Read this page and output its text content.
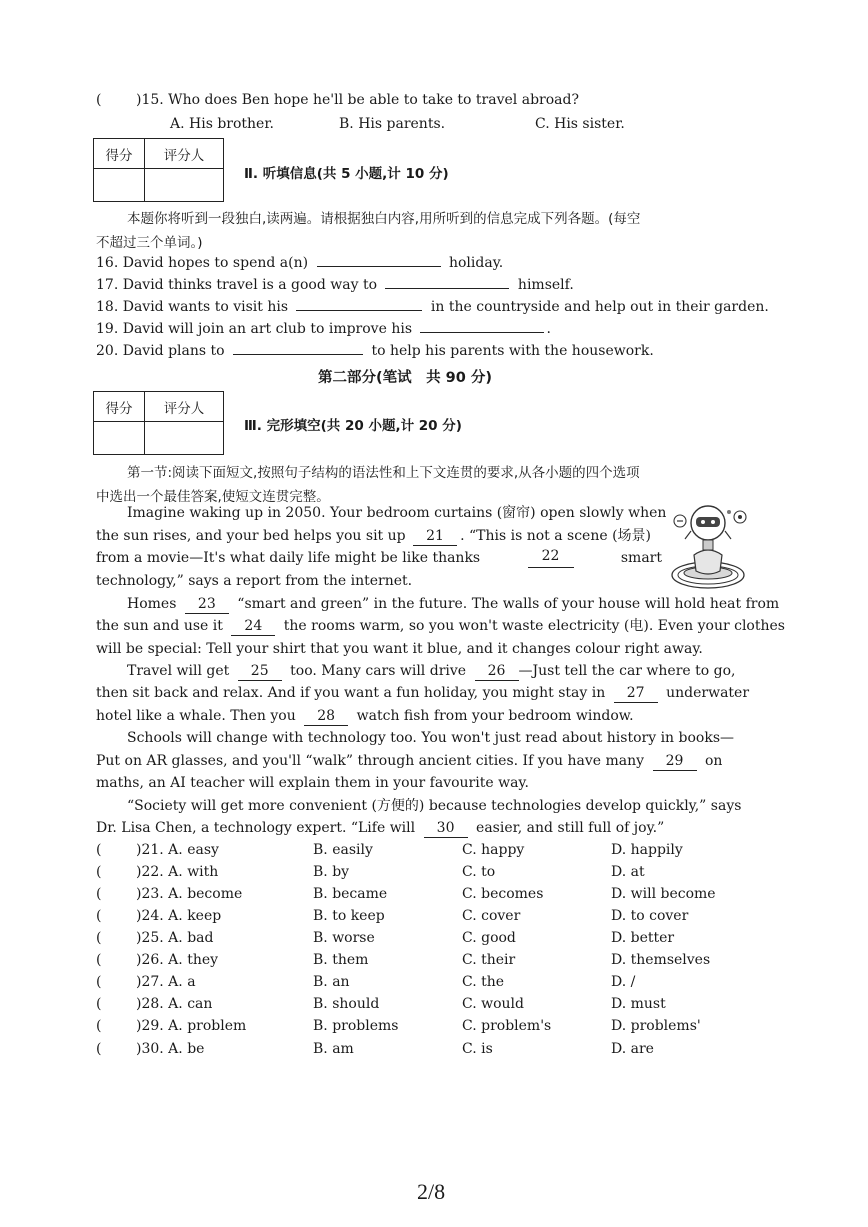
( )15. Who does Ben hope he'll be able to take to travel abroad?
A. His brother.	B. His parents.	C. His sister.
得分	评分人

Ⅱ. 听填信息(共 5 小题,计 10 分)
本题你将听到一段独白,读两遍。请根据独白内容,用所听到的信息完成下列各题。(每空
不超过三个单词。)
16. David hopes to spend a(n)	holiday.
17. David thinks travel is a good way to	himself.
18. David wants to visit his	in the countryside and help out in their garden.
19. David will join an art club to improve his	.
20. David plans to	to help his parents with the housework.
第二部分(笔试　共 90 分)
得分	评分人

Ⅲ. 完形填空(共 20 小题,计 20 分)
第一节:阅读下面短文,按照句子结构的语法性和上下文连贯的要求,从各小题的四个选项
中选出一个最佳答案,使短文连贯完整。
Imagine waking up in 2050. Your bedroom curtains (窗帘) open slowly when
the sun rises, and your bed helps you sit up 21 . “This is not a scene (场景)
from a movie—It's what daily life might be like thanks	22	smart
technology,” says a report from the internet.
Homes 23 “smart and green” in the future. The walls of your house will hold heat from
the sun and use it 24 the rooms warm, so you won't waste electricity (电). Even your clothes
will be special: Tell your shirt that you want it blue, and it changes colour right away.
Travel will get 25 too. Many cars will drive 26 —Just tell the car where to go,
then sit back and relax. And if you want a fun holiday, you might stay in 27 underwater
hotel like a whale. Then you 28 watch fish from your bedroom window.
Schools will change with technology too. You won't just read about history in books—
Put on AR glasses, and you'll “walk” through ancient cities. If you have many 29 on
maths, an AI teacher will explain them in your favourite way.
“Society will get more convenient (方便的) because technologies develop quickly,” says
Dr. Lisa Chen, a technology expert. “Life will 30 easier, and still full of joy.”
( )21. A. easy	B. easily	C. happy	D. happily
( )22. A. with	B. by	C. to	D. at
( )23. A. become	B. became	C. becomes	D. will become
( )24. A. keep	B. to keep	C. cover	D. to cover
( )25. A. bad	B. worse	C. good	D. better
( )26. A. they	B. them	C. their	D. themselves
( )27. A. a	B. an	C. the	D. /
( )28. A. can	B. should	C. would	D. must
( )29. A. problem	B. problems	C. problem's	D. problems'
( )30. A. be	B. am	C. is	D. are
2/8
